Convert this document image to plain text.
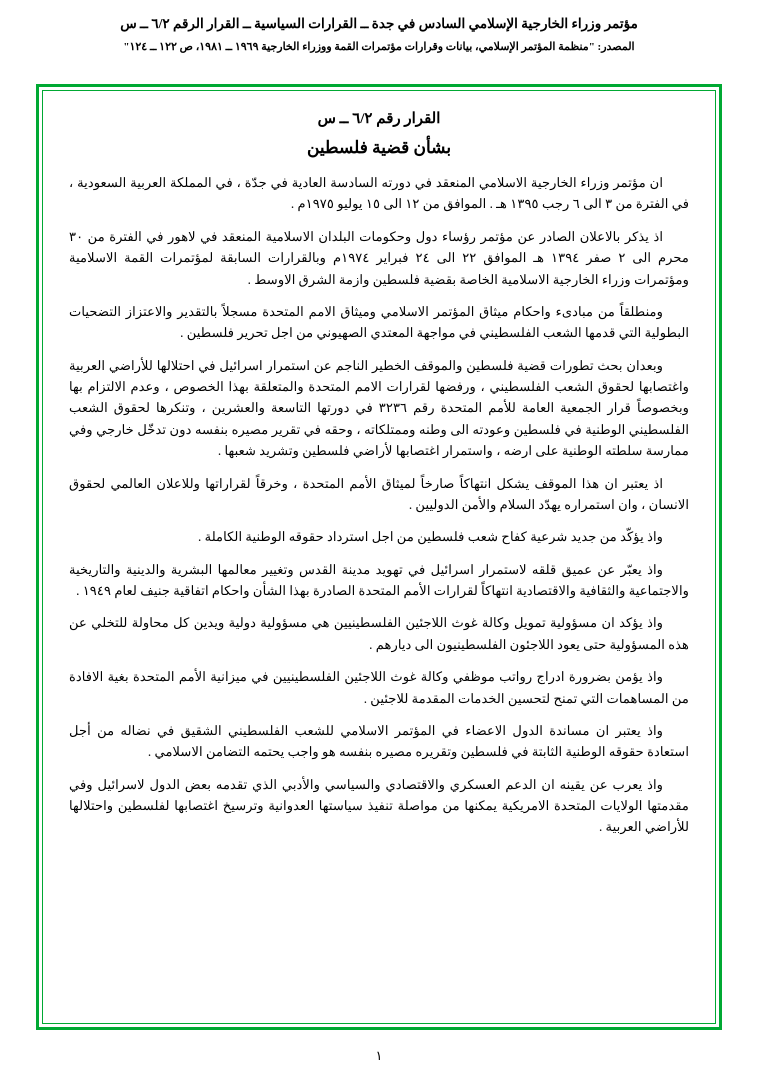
مؤتمر وزراء الخارجية الإسلامي السادس في جدة ــ القرارات السياسية ــ القرار الرقم ٦/٢ ــ س
المصدر: "منظمة المؤتمر الإسلامي، بيانات وقرارات مؤتمرات القمة ووزراء الخارجية ١٩٦٩ ــ ١٩٨١، ص ١٢٢ ــ ١٢٤"
القرار رقم ٦/٢ ــ س
بشأن قضية فلسطين

ان مؤتمر وزراء الخارجية الاسلامي المنعقد في دورته السادسة العادية في جدّة ، في المملكة العربية السعودية ، في الفترة من ٣ الى ٦ رجب ١٣٩٥ هـ . الموافق من ١٢ الى ١٥ يوليو ١٩٧٥م .

اذ يذكر بالاعلان الصادر عن مؤتمر رؤساء دول وحكومات البلدان الاسلامية المنعقد في لاهور في الفترة من ٣٠ محرم الى ٢ صفر ١٣٩٤ هـ الموافق ٢٢ الى ٢٤ فبراير ١٩٧٤م وبالقرارات السابقة لمؤتمرات القمة الاسلامية ومؤتمرات وزراء الخارجية الاسلامية الخاصة بقضية فلسطين وازمة الشرق الاوسط .

ومنطلقاً من مبادىء واحكام ميثاق المؤتمر الاسلامي وميثاق الامم المتحدة مسجلاً بالتقدير والاعتزاز التضحيات البطولية التي قدمها الشعب الفلسطيني في مواجهة المعتدي الصهيوني من اجل تحرير فلسطين .

وبعدان بحث تطورات قضية فلسطين والموقف الخطير الناجم عن استمرار اسرائيل في احتلالها للأراضي العربية واغتصابها لحقوق الشعب الفلسطيني ، ورفضها لقرارات الامم المتحدة والمتعلقة بهذا الخصوص ، وعدم الالتزام بها وبخصوصاً قرار الجمعية العامة للأمم المتحدة رقم ٣٢٣٦ في دورتها التاسعة والعشرين ، وتنكرها لحقوق الشعب الفلسطيني الوطنية في فلسطين وعودته الى وطنه وممتلكاته ، وحقه في تقرير مصيره بنفسه دون تدخّل خارجي وفي ممارسة سلطته الوطنية على ارضه ، واستمرار اغتصابها لأراضي فلسطين وتشريد شعبها .

اذ يعتبر ان هذا الموقف يشكل انتهاكاً صارخاً لميثاق الأمم المتحدة ، وخرقاً لقراراتها وللاعلان العالمي لحقوق الانسان ، وان استمراره يهدّد السلام والأمن الدوليين .

واذ يؤكّد من جديد شرعية كفاح شعب فلسطين من اجل استرداد حقوقه الوطنية الكاملة .

واذ يعبّر عن عميق قلقه لاستمرار اسرائيل في تهويد مدينة القدس وتغيير معالمها البشرية والدينية والتاريخية والاجتماعية والثقافية والاقتصادية انتهاكاً لقرارات الأمم المتحدة الصادرة بهذا الشأن واحكام اتفاقية جنيف لعام ١٩٤٩ .

واذ يؤكد ان مسؤولية تمويل وكالة غوث اللاجئين الفلسطينيين هي مسؤولية دولية ويدين كل محاولة للتخلي عن هذه المسؤولية حتى يعود اللاجئون الفلسطينيون الى ديارهم .

واذ يؤمن بضرورة ادراج رواتب موظفي وكالة غوث اللاجئين الفلسطينيين في ميزانية الأمم المتحدة بغية الافادة من المساهمات التي تمنح لتحسين الخدمات المقدمة للاجئين .

واذ يعتبر ان مساندة الدول الاعضاء في المؤتمر الاسلامي للشعب الفلسطيني الشقيق في نضاله من أجل استعادة حقوقه الوطنية الثابتة في فلسطين وتقريره مصيره بنفسه هو واجب يحتمه التضامن الاسلامي .

واذ يعرب عن يقينه ان الدعم العسكري والاقتصادي والسياسي والأدبي الذي تقدمه بعض الدول لاسرائيل وفي مقدمتها الولايات المتحدة الامريكية يمكنها من مواصلة تنفيذ سياستها العدوانية وترسيخ اغتصابها لفلسطين واحتلالها للأراضي العربية .

١
